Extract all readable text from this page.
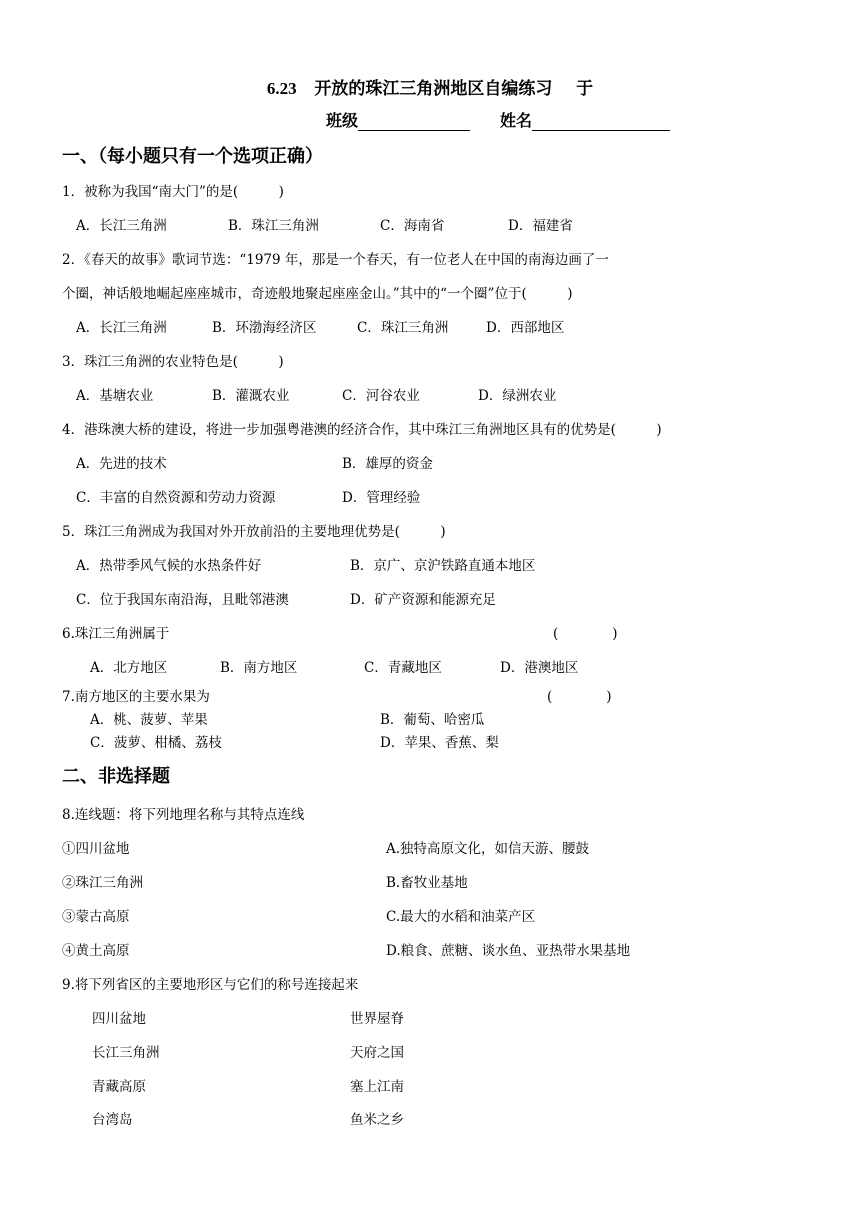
6.23 开放的珠江三角洲地区自编练习 于
班级	姓名
一、（每小题只有一个选项正确）
1．被称为我国“南大门”的是(　　　)
A．长江三角洲	B．珠江三角洲	C．海南省	D．福建省
2．《春天的故事》歌词节选：“1979 年，那是一个春天，有一位老人在中国的南海边画了一
个圈，神话般地崛起座座城市，奇迹般地聚起座座金山。”其中的“一个圈”位于(　　　)
A．长江三角洲	B．环渤海经济区	C．珠江三角洲	D．西部地区
3．珠江三角洲的农业特色是(　　　)
A．基塘农业	B．灌溉农业	C．河谷农业	D．绿洲农业
4．港珠澳大桥的建设，将进一步加强粤港澳的经济合作，其中珠江三角洲地区具有的优势是(　　　)
A．先进的技术	B．雄厚的资金
C．丰富的自然资源和劳动力资源	D．管理经验
5．珠江三角洲成为我国对外开放前沿的主要地理优势是(　　　)
A．热带季风气候的水热条件好	B．京广、京沪铁路直通本地区
C．位于我国东南沿海，且毗邻港澳	D．矿产资源和能源充足
6.珠江三角洲属于	(　　　　)
A．北方地区	B．南方地区	C．青藏地区	D．港澳地区
7.南方地区的主要水果为	(　　　　)
A．桃、菠萝、苹果	B．葡萄、哈密瓜
C．菠萝、柑橘、荔枝	D．苹果、香蕉、梨
二、非选择题
8.连线题：将下列地理名称与其特点连线
①四川盆地	A.独特高原文化，如信天游、腰鼓
②珠江三角洲	B.畜牧业基地
③蒙古高原	C.最大的水稻和油菜产区
④黄土高原	D.粮食、蔗糖、谈水鱼、亚热带水果基地
9.将下列省区的主要地形区与它们的称号连接起来
四川盆地	世界屋脊
长江三角洲	天府之国
青藏高原	塞上江南
台湾岛	鱼米之乡
